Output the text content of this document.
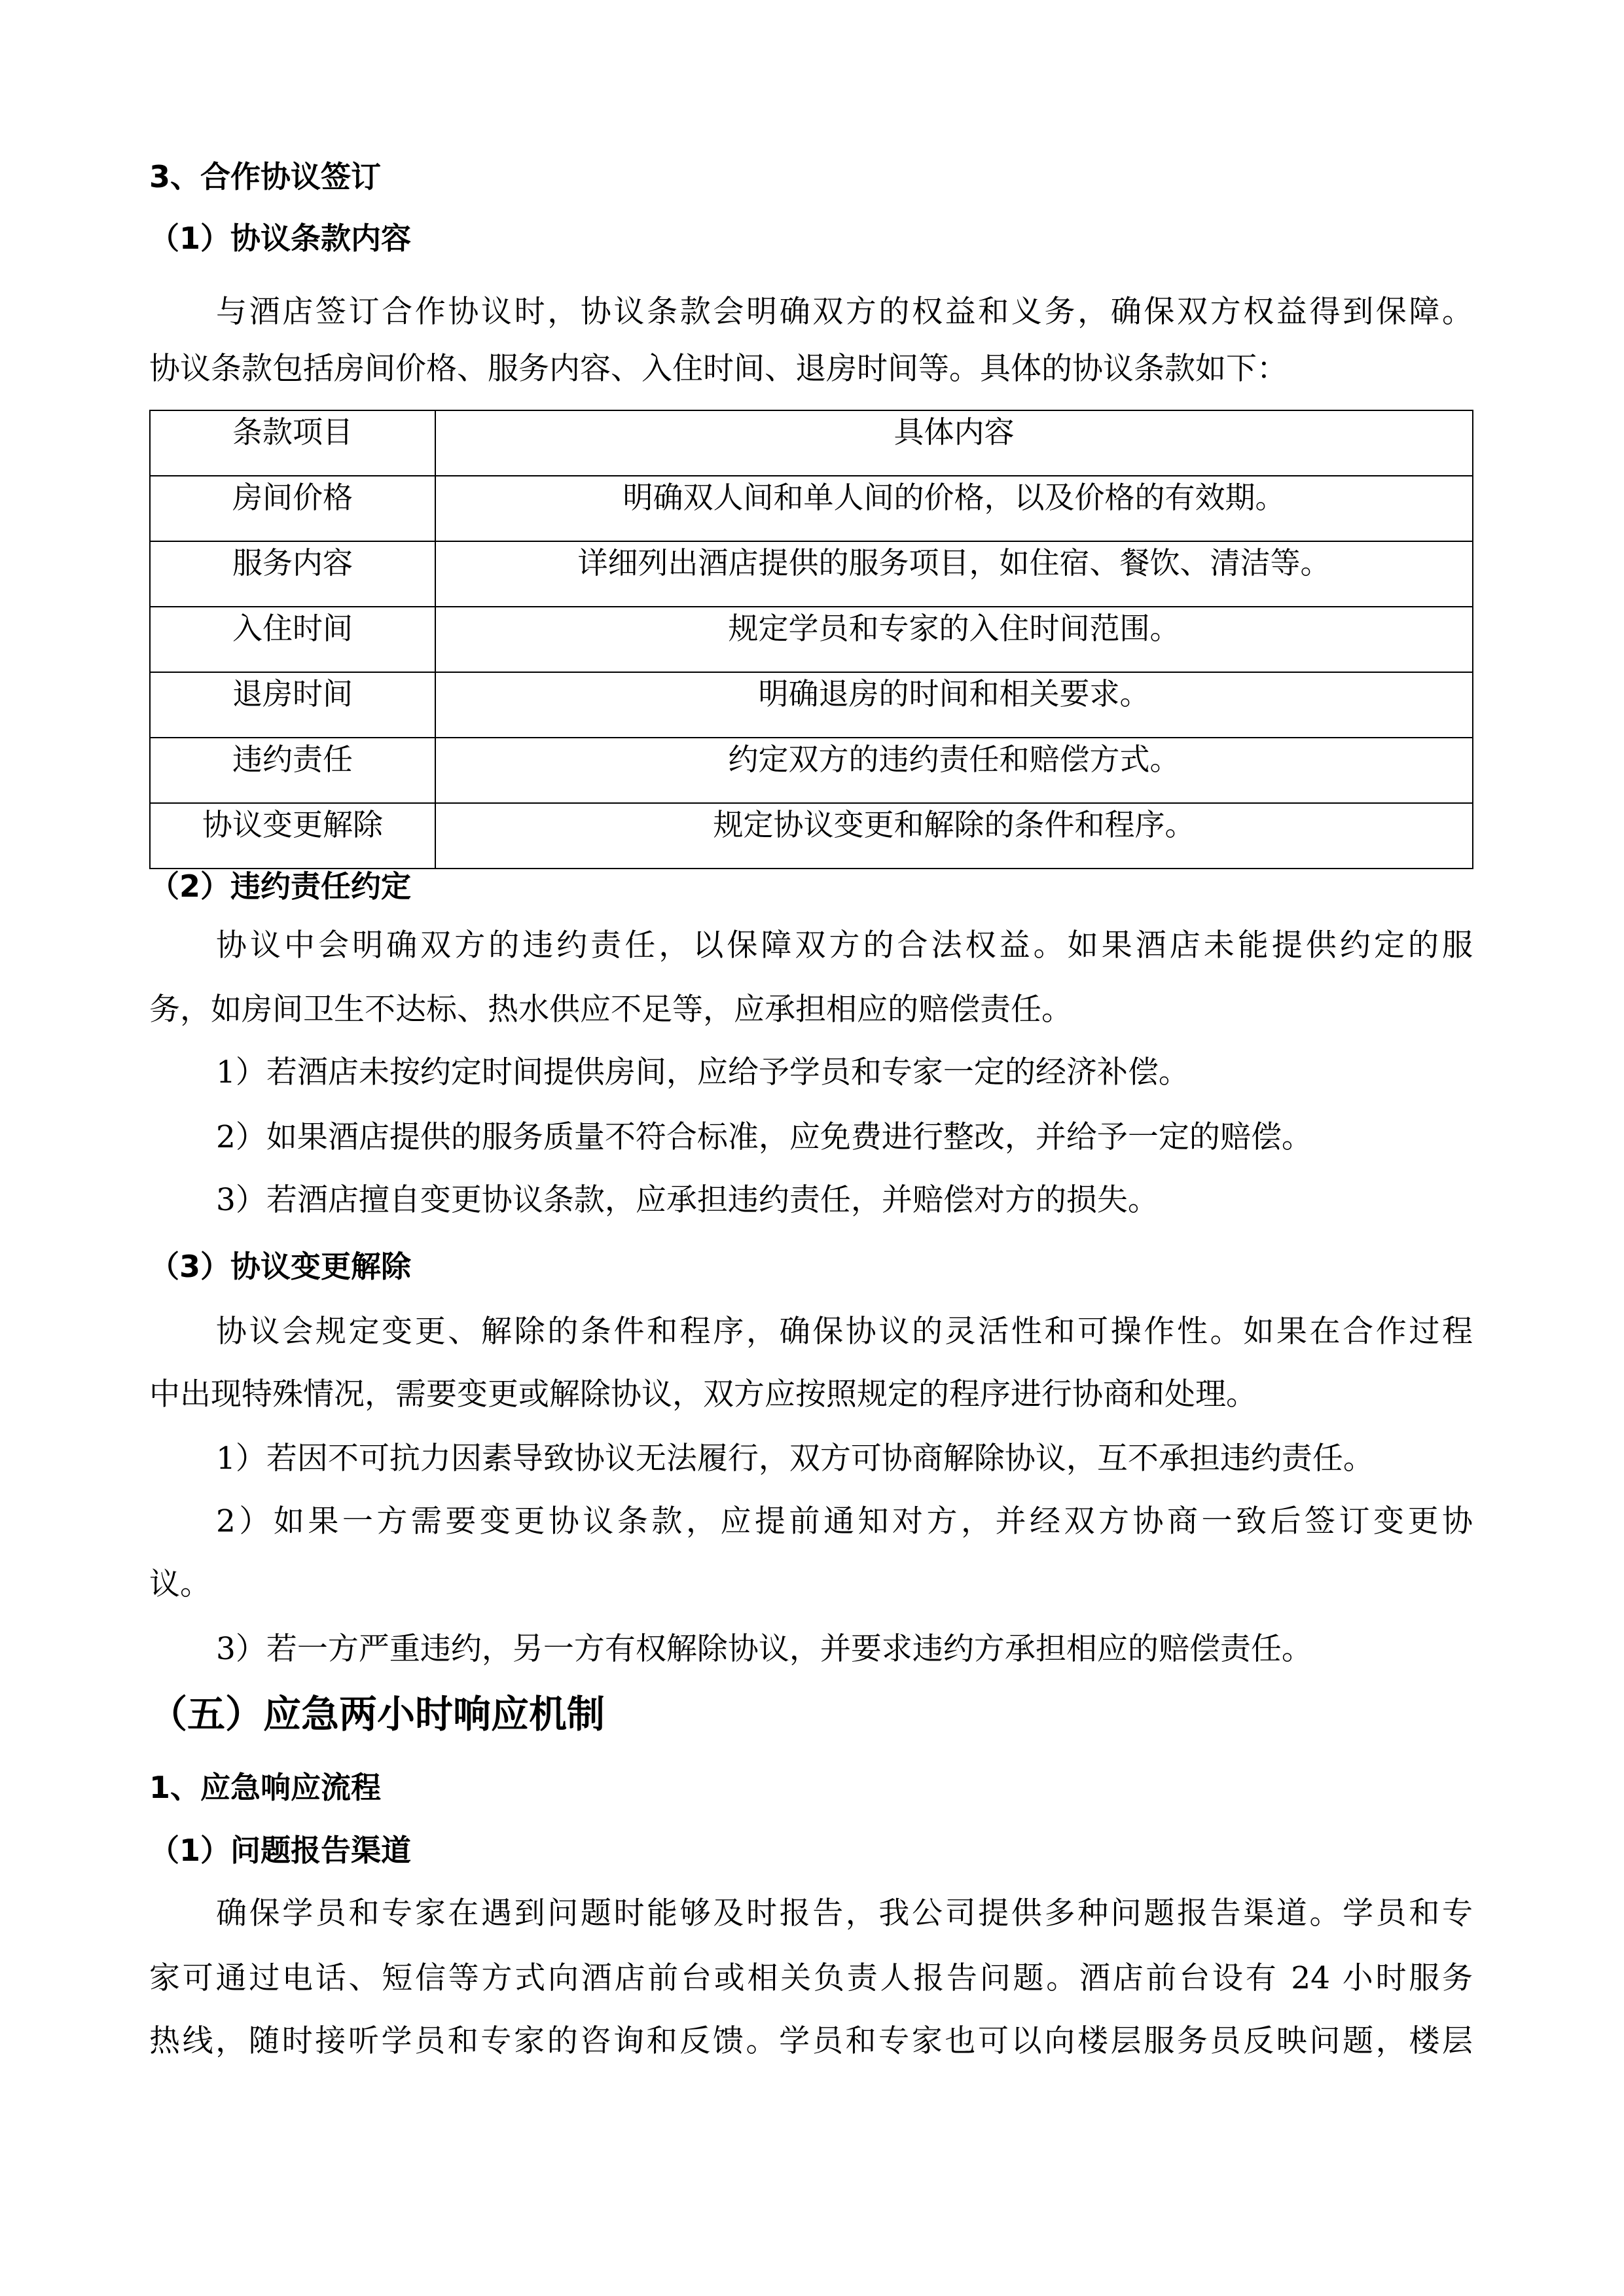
3、合作协议签订
（1）协议条款内容
与酒店签订合作协议时，协议条款会明确双方的权益和义务，确保双方权益得到保障。
协议条款包括房间价格、服务内容、入住时间、退房时间等。具体的协议条款如下：
条款项目	具体内容
房间价格	明确双人间和单人间的价格，以及价格的有效期。
服务内容	详细列出酒店提供的服务项目，如住宿、餐饮、清洁等。
入住时间	规定学员和专家的入住时间范围。
退房时间	明确退房的时间和相关要求。
违约责任	约定双方的违约责任和赔偿方式。
协议变更解除	规定协议变更和解除的条件和程序。
（2）违约责任约定
协议中会明确双方的违约责任，以保障双方的合法权益。如果酒店未能提供约定的服
务，如房间卫生不达标、热水供应不足等，应承担相应的赔偿责任。
1）若酒店未按约定时间提供房间，应给予学员和专家一定的经济补偿。
2）如果酒店提供的服务质量不符合标准，应免费进行整改，并给予一定的赔偿。
3）若酒店擅自变更协议条款，应承担违约责任，并赔偿对方的损失。
（3）协议变更解除
协议会规定变更、解除的条件和程序，确保协议的灵活性和可操作性。如果在合作过程
中出现特殊情况，需要变更或解除协议，双方应按照规定的程序进行协商和处理。
1）若因不可抗力因素导致协议无法履行，双方可协商解除协议，互不承担违约责任。
2）如果一方需要变更协议条款，应提前通知对方，并经双方协商一致后签订变更协
议。
3）若一方严重违约，另一方有权解除协议，并要求违约方承担相应的赔偿责任。
（五）应急两小时响应机制
1、应急响应流程
（1）问题报告渠道
确保学员和专家在遇到问题时能够及时报告，我公司提供多种问题报告渠道。学员和专
家可通过电话、短信等方式向酒店前台或相关负责人报告问题。酒店前台设有 24 小时服务
热线，随时接听学员和专家的咨询和反馈。学员和专家也可以向楼层服务员反映问题，楼层
